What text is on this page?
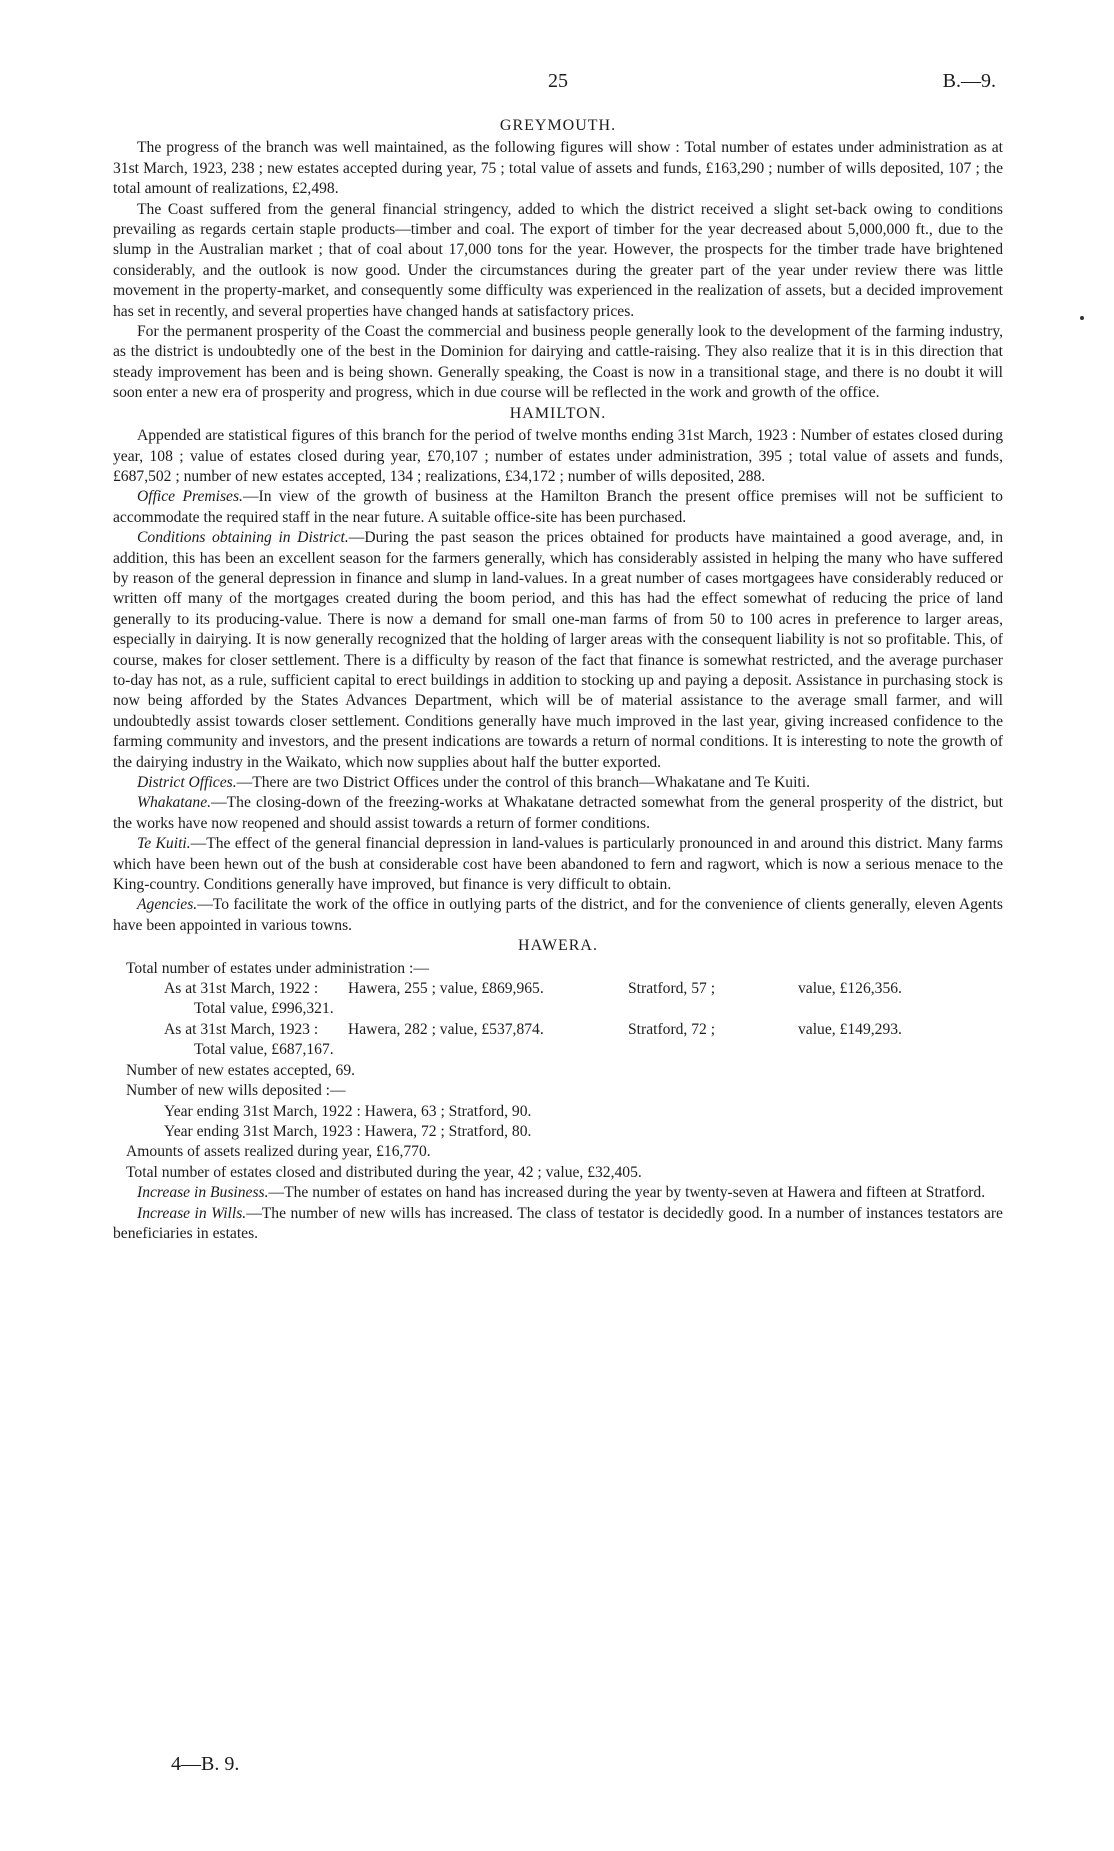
25	B.—9.
GREYMOUTH.

The progress of the branch was well maintained, as the following figures will show : Total number of estates under administration as at 31st March, 1923, 238 ; new estates accepted during year, 75 ; total value of assets and funds, £163,290 ; number of wills deposited, 107 ; the total amount of realizations, £2,498.

The Coast suffered from the general financial stringency, added to which the district received a slight set-back owing to conditions prevailing as regards certain staple products—timber and coal. The export of timber for the year decreased about 5,000,000 ft., due to the slump in the Australian market ; that of coal about 17,000 tons for the year. However, the prospects for the timber trade have brightened considerably, and the outlook is now good. Under the circumstances during the greater part of the year under review there was little movement in the property-market, and consequently some difficulty was experienced in the realization of assets, but a decided improvement has set in recently, and several properties have changed hands at satisfactory prices.

For the permanent prosperity of the Coast the commercial and business people generally look to the development of the farming industry, as the district is undoubtedly one of the best in the Dominion for dairying and cattle-raising. They also realize that it is in this direction that steady improvement has been and is being shown. Generally speaking, the Coast is now in a transitional stage, and there is no doubt it will soon enter a new era of prosperity and progress, which in due course will be reflected in the work and growth of the office.

HAMILTON.

Appended are statistical figures of this branch for the period of twelve months ending 31st March, 1923 : Number of estates closed during year, 108 ; value of estates closed during year, £70,107 ; number of estates under administration, 395 ; total value of assets and funds, £687,502 ; number of new estates accepted, 134 ; realizations, £34,172 ; number of wills deposited, 288.

Office Premises.—In view of the growth of business at the Hamilton Branch the present office premises will not be sufficient to accommodate the required staff in the near future. A suitable office-site has been purchased.

Conditions obtaining in District.—During the past season the prices obtained for products have maintained a good average, and, in addition, this has been an excellent season for the farmers generally, which has considerably assisted in helping the many who have suffered by reason of the general depression in finance and slump in land-values. In a great number of cases mortgagees have considerably reduced or written off many of the mortgages created during the boom period, and this has had the effect somewhat of reducing the price of land generally to its producing-value. There is now a demand for small one-man farms of from 50 to 100 acres in preference to larger areas, especially in dairying. It is now generally recognized that the holding of larger areas with the consequent liability is not so profitable. This, of course, makes for closer settlement. There is a difficulty by reason of the fact that finance is somewhat restricted, and the average purchaser to-day has not, as a rule, sufficient capital to erect buildings in addition to stocking up and paying a deposit. Assistance in purchasing stock is now being afforded by the States Advances Department, which will be of material assistance to the average small farmer, and will undoubtedly assist towards closer settlement. Conditions generally have much improved in the last year, giving increased confidence to the farming community and investors, and the present indications are towards a return of normal conditions. It is interesting to note the growth of the dairying industry in the Waikato, which now supplies about half the butter exported.

District Offices.—There are two District Offices under the control of this branch—Whakatane and Te Kuiti.

Whakatane.—The closing-down of the freezing-works at Whakatane detracted somewhat from the general prosperity of the district, but the works have now reopened and should assist towards a return of former conditions.

Te Kuiti.—The effect of the general financial depression in land-values is particularly pronounced in and around this district. Many farms which have been hewn out of the bush at considerable cost have been abandoned to fern and ragwort, which is now a serious menace to the King-country. Conditions generally have improved, but finance is very difficult to obtain.

Agencies.—To facilitate the work of the office in outlying parts of the district, and for the convenience of clients generally, eleven Agents have been appointed in various towns.

HAWERA.

Total number of estates under administration :—

As at 31st March, 1922 :	Hawera, 255 ; value, £869,965.	Stratford, 57 ;	value, £126,356.

Total value, £996,321.

As at 31st March, 1923 :	Hawera, 282 ; value, £537,874.	Stratford, 72 ;	value, £149,293.

Total value, £687,167.

Number of new estates accepted, 69.

Number of new wills deposited :—

Year ending 31st March, 1922 : Hawera, 63 ; Stratford, 90.

Year ending 31st March, 1923 : Hawera, 72 ; Stratford, 80.

Amounts of assets realized during year, £16,770.

Total number of estates closed and distributed during the year, 42 ; value, £32,405.

Increase in Business.—The number of estates on hand has increased during the year by twenty-seven at Hawera and fifteen at Stratford.

Increase in Wills.—The number of new wills has increased. The class of testator is decidedly good. In a number of instances testators are beneficiaries in estates.

4—B. 9.
